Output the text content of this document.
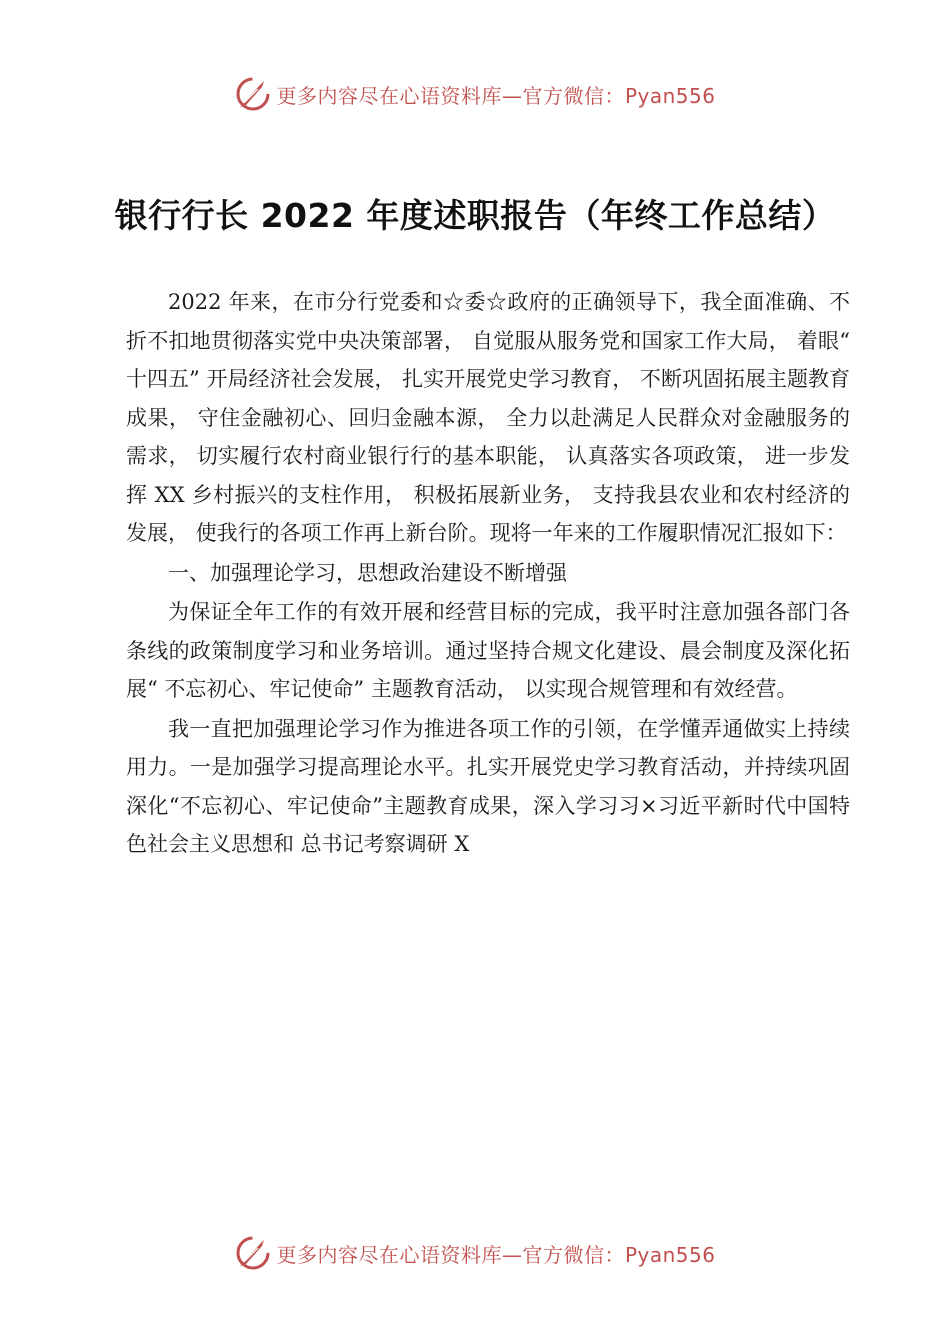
更多内容尽在心语资料库—官方微信：Pyan556
银行行长 2022 年度述职报告（年终工作总结）

2022 年来，在市分行党委和☆委☆政府的正确领导下，我全面准确、不折不扣地贯彻落实党中央决策部署， 自觉服从服务党和国家工作大局， 着眼“ 十四五” 开局经济社会发展， 扎实开展党史学习教育， 不断巩固拓展主题教育成果， 守住金融初心、回归金融本源， 全力以赴满足人民群众对金融服务的需求， 切实履行农村商业银行行的基本职能， 认真落实各项政策， 进一步发挥 XX 乡村振兴的支柱作用， 积极拓展新业务， 支持我县农业和农村经济的发展， 使我行的各项工作再上新台阶。现将一年来的工作履职情况汇报如下：

一、加强理论学习，思想政治建设不断增强

为保证全年工作的有效开展和经营目标的完成，我平时注意加强各部门各条线的政策制度学习和业务培训。通过坚持合规文化建设、晨会制度及深化拓展“ 不忘初心、牢记使命” 主题教育活动， 以实现合规管理和有效经营。

我一直把加强理论学习作为推进各项工作的引领，在学懂弄通做实上持续用力。一是加强学习提高理论水平。扎实开展党史学习教育活动，并持续巩固深化“不忘初心、牢记使命”主题教育成果，深入学习习×习近平新时代中国特色社会主义思想和 总书记考察调研 X

更多内容尽在心语资料库—官方微信：Pyan556
